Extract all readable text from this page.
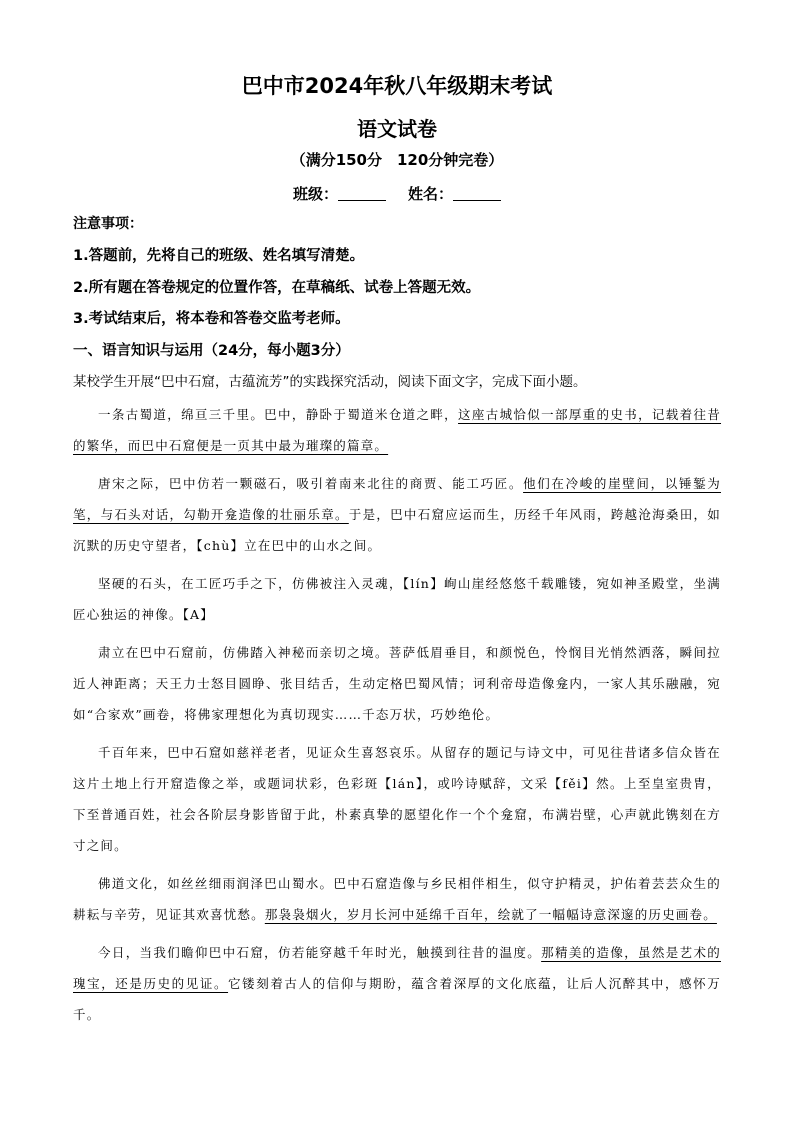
巴中市2024年秋八年级期末考试
语文试卷
（满分150分　120分钟完卷）
班级：	姓名：
注意事项：
1.答题前，先将自己的班级、姓名填写清楚。
2.所有题在答卷规定的位置作答，在草稿纸、试卷上答题无效。
3.考试结束后，将本卷和答卷交监考老师。
一、语言知识与运用（24分，每小题3分）
某校学生开展“巴中石窟，古蕴流芳”的实践探究活动，阅读下面文字，完成下面小题。

一条古蜀道，绵亘三千里。巴中，静卧于蜀道米仓道之畔，这座古城恰似一部厚重的史书，记载着往昔的繁华，而巴中石窟便是一页其中最为璀璨的篇章。

唐宋之际，巴中仿若一颗磁石，吸引着南来北往的商贾、能工巧匠。他们在冷峻的崖壁间，以锤錾为笔，与石头对话，勾勒开龛造像的壮丽乐章。于是，巴中石窟应运而生，历经千年风雨，跨越沧海桑田，如沉默的历史守望者，【chù】立在巴中的山水之间。

坚硬的石头，在工匠巧手之下，仿佛被注入灵魂，【lín】峋山崖经悠悠千载雕镂，宛如神圣殿堂，坐满匠心独运的神像。【A】

肃立在巴中石窟前，仿佛踏入神秘而亲切之境。菩萨低眉垂目，和颜悦色，怜悯目光悄然洒落，瞬间拉近人神距离；天王力士怒目圆睁、张目结舌，生动定格巴蜀风情；诃利帝母造像龛内，一家人其乐融融，宛如“合家欢”画卷，将佛家理想化为真切现实……千态万状，巧妙绝伦。

千百年来，巴中石窟如慈祥老者，见证众生喜怒哀乐。从留存的题记与诗文中，可见往昔诸多信众皆在这片土地上行开窟造像之举，或题词状彩，色彩斑【lán】，或吟诗赋辞，文采【fěi】然。上至皇室贵胄，下至普通百姓，社会各阶层身影皆留于此，朴素真挚的愿望化作一个个龛窟，布满岩壁，心声就此镌刻在方寸之间。

佛道文化，如丝丝细雨润泽巴山蜀水。巴中石窟造像与乡民相伴相生，似守护精灵，护佑着芸芸众生的耕耘与辛劳，见证其欢喜忧愁。那袅袅烟火，岁月长河中延绵千百年，绘就了一幅幅诗意深邃的历史画卷。

今日，当我们瞻仰巴中石窟，仿若能穿越千年时光，触摸到往昔的温度。那精美的造像，虽然是艺术的瑰宝，还是历史的见证。它镂刻着古人的信仰与期盼，蕴含着深厚的文化底蕴，让后人沉醉其中，感怀万千。
